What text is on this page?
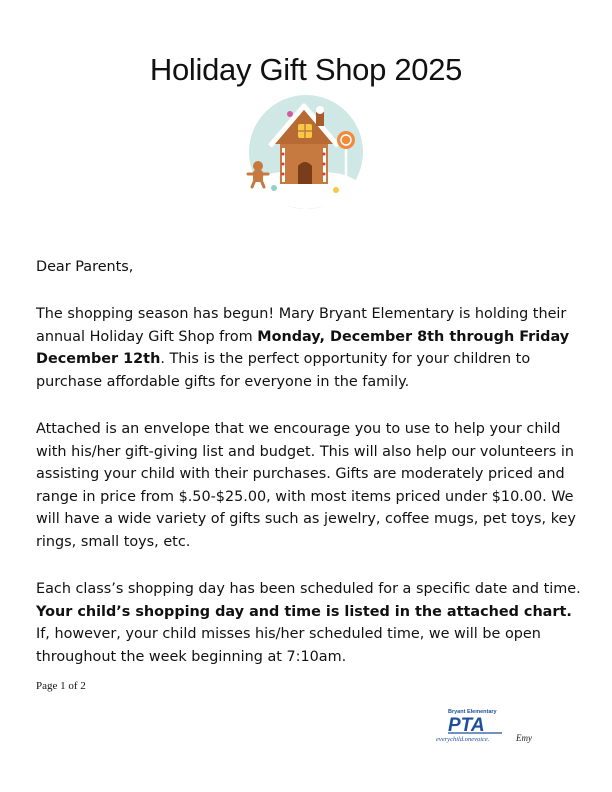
Holiday Gift Shop 2025

Dear Parents,

The shopping season has begun! Mary Bryant Elementary is holding their annual Holiday Gift Shop from Monday, December 8th through Friday December 12th. This is the perfect opportunity for your children to purchase affordable gifts for everyone in the family.

Attached is an envelope that we encourage you to use to help your child with his/her gift-giving list and budget. This will also help our volunteers in assisting your child with their purchases. Gifts are moderately priced and range in price from $.50-$25.00, with most items priced under $10.00. We will have a wide variety of gifts such as jewelry, coffee mugs, pet toys, key rings, small toys, etc.

Each class’s shopping day has been scheduled for a specific date and time. Your child’s shopping day and time is listed in the attached chart. If, however, your child misses his/her scheduled time, we will be open throughout the week beginning at 7:10am.

Page 1 of 2
Bryant Elementary
PTA
everychild.onevoice.	Emy
